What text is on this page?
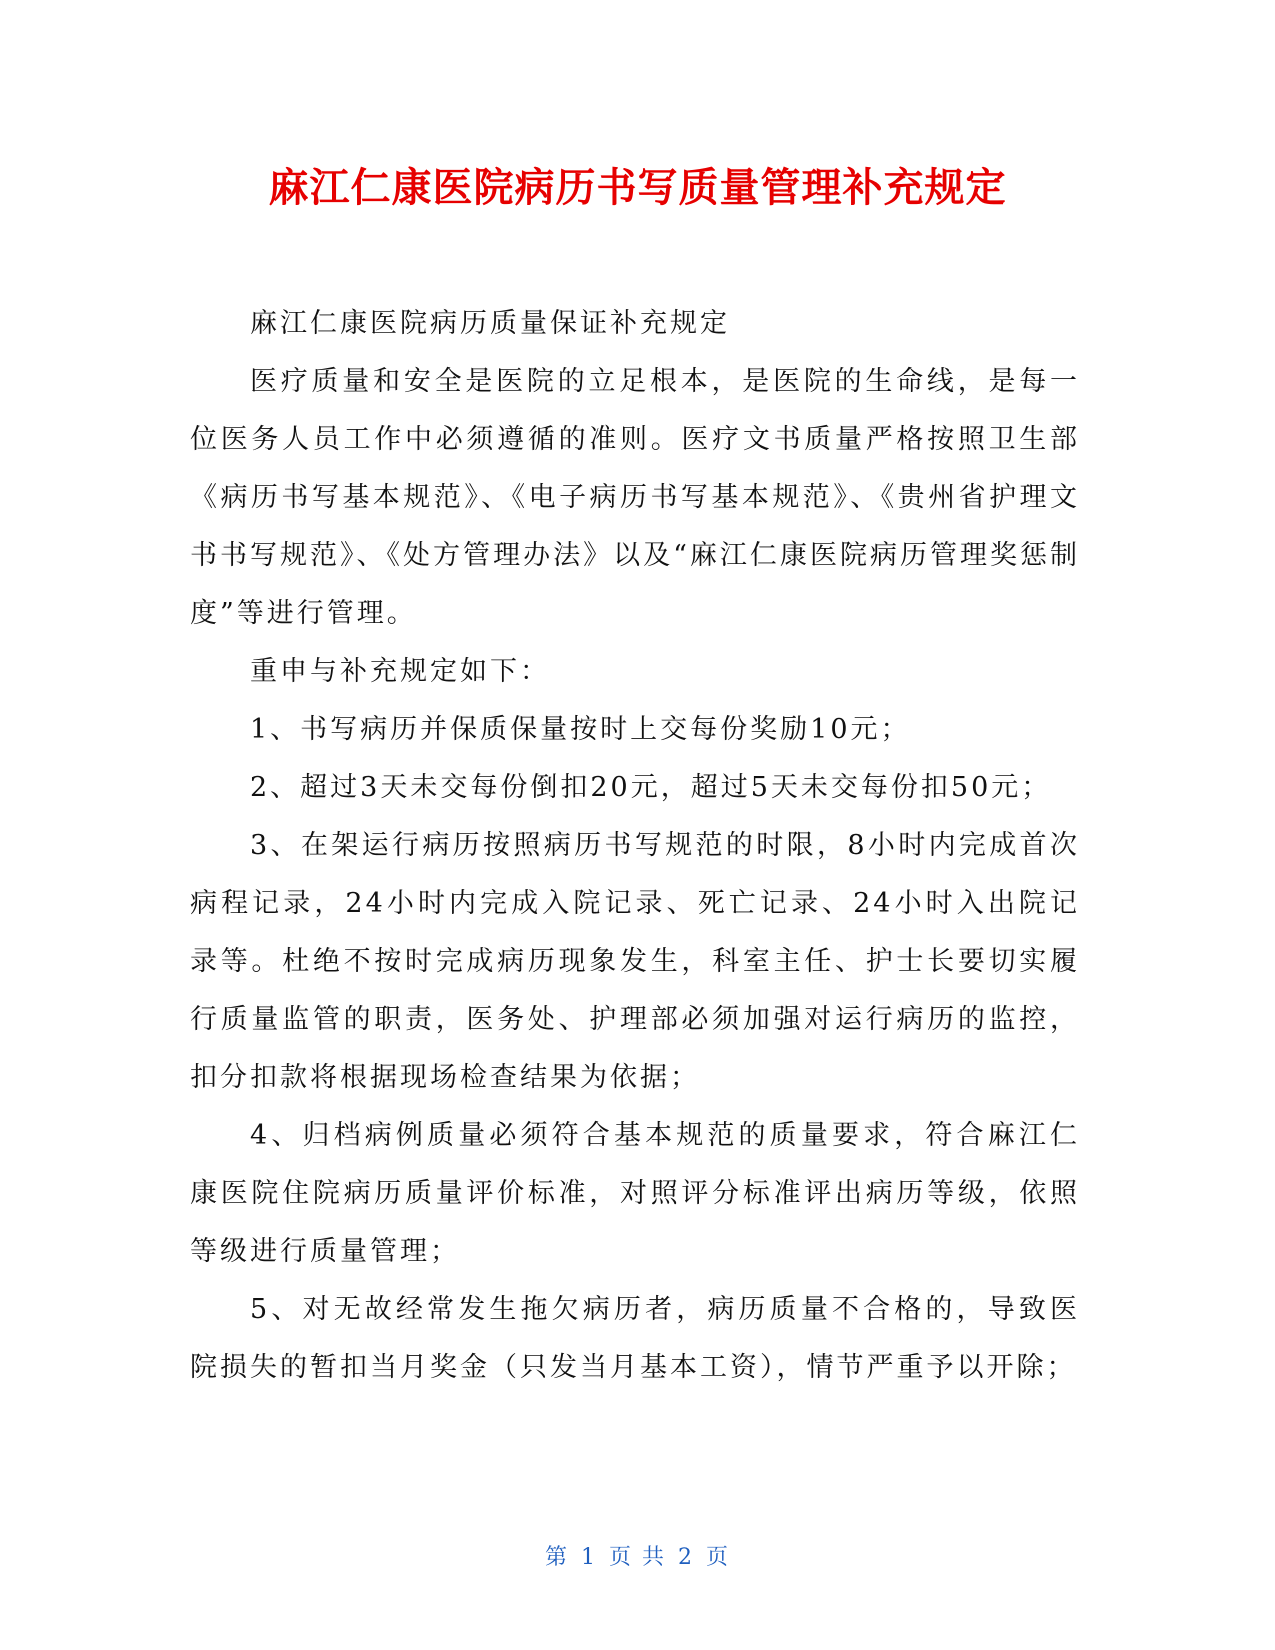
麻江仁康医院病历书写质量管理补充规定

麻江仁康医院病历质量保证补充规定

医疗质量和安全是医院的立足根本，是医院的生命线，是每一位医务人员工作中必须遵循的准则。医疗文书质量严格按照卫生部《病历书写基本规范》、《电子病历书写基本规范》、《贵州省护理文书书写规范》、《处方管理办法》以及“麻江仁康医院病历管理奖惩制度”等进行管理。

重申与补充规定如下：

1、书写病历并保质保量按时上交每份奖励10元；

2、超过3天未交每份倒扣20元，超过5天未交每份扣50元；

3、在架运行病历按照病历书写规范的时限，8小时内完成首次病程记录，24小时内完成入院记录、死亡记录、24小时入出院记录等。杜绝不按时完成病历现象发生，科室主任、护士长要切实履行质量监管的职责，医务处、护理部必须加强对运行病历的监控，扣分扣款将根据现场检查结果为依据；

4、归档病例质量必须符合基本规范的质量要求，符合麻江仁康医院住院病历质量评价标准，对照评分标准评出病历等级，依照等级进行质量管理；

5、对无故经常发生拖欠病历者，病历质量不合格的，导致医院损失的暂扣当月奖金（只发当月基本工资），情节严重予以开除；

第 1 页 共 2 页
